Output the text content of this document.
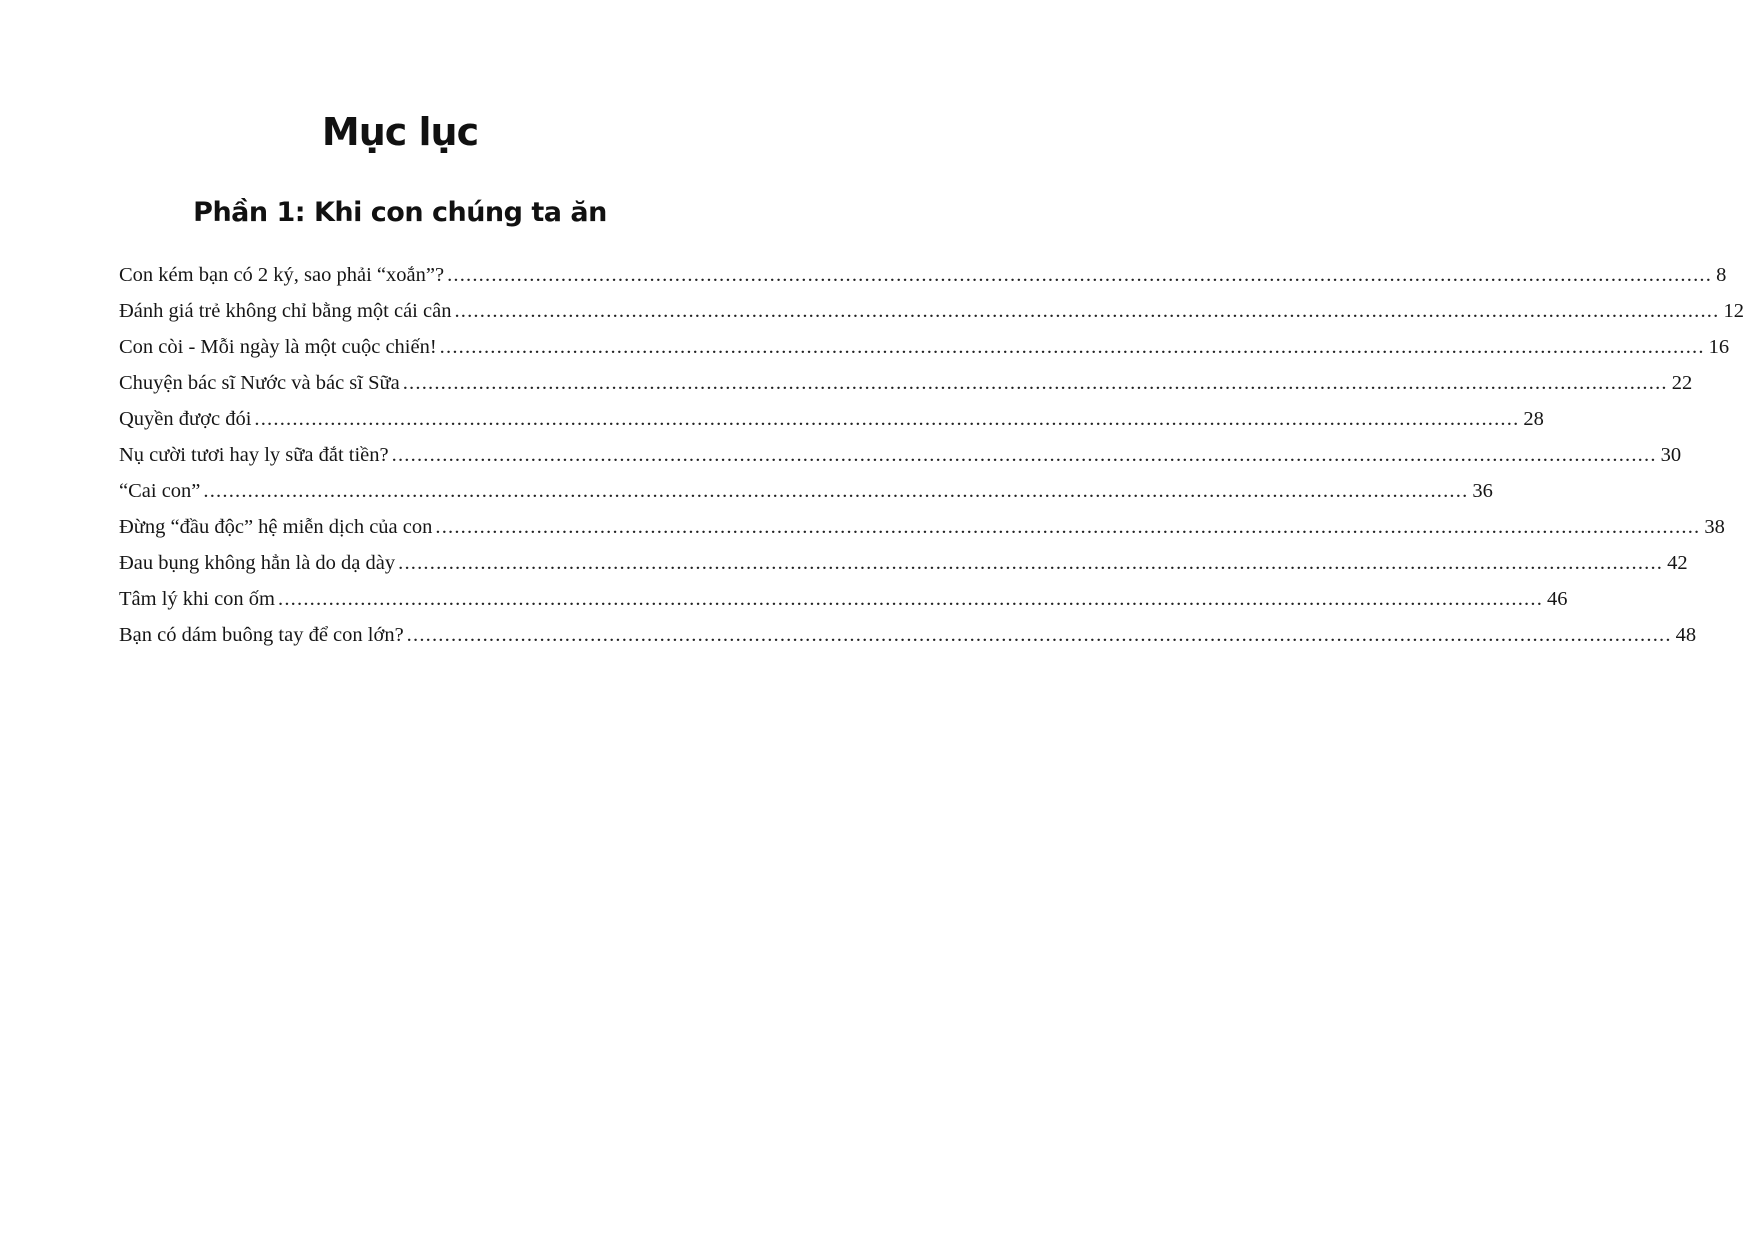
Mục lục
Phần 1: Khi con chúng ta ăn
Con kém bạn có 2 ký, sao phải “xoắn”? ........................................................................................................................................................................................................ 8
Đánh giá trẻ không chỉ bằng một cái cân ........................................................................................................................................................................................................ 12
Con còi - Mỗi ngày là một cuộc chiến! ........................................................................................................................................................................................................ 16
Chuyện bác sĩ Nước và bác sĩ Sữa ........................................................................................................................................................................................................ 22
Quyền được đói ........................................................................................................................................................................................................ 28
Nụ cười tươi hay ly sữa đắt tiền? ........................................................................................................................................................................................................ 30
“Cai con” ........................................................................................................................................................................................................ 36
Đừng “đầu độc” hệ miễn dịch của con ........................................................................................................................................................................................................ 38
Đau bụng không hẳn là do dạ dày ........................................................................................................................................................................................................ 42
Tâm lý khi con ốm ........................................................................................................................................................................................................ 46
Bạn có dám buông tay để con lớn? ........................................................................................................................................................................................................ 48
